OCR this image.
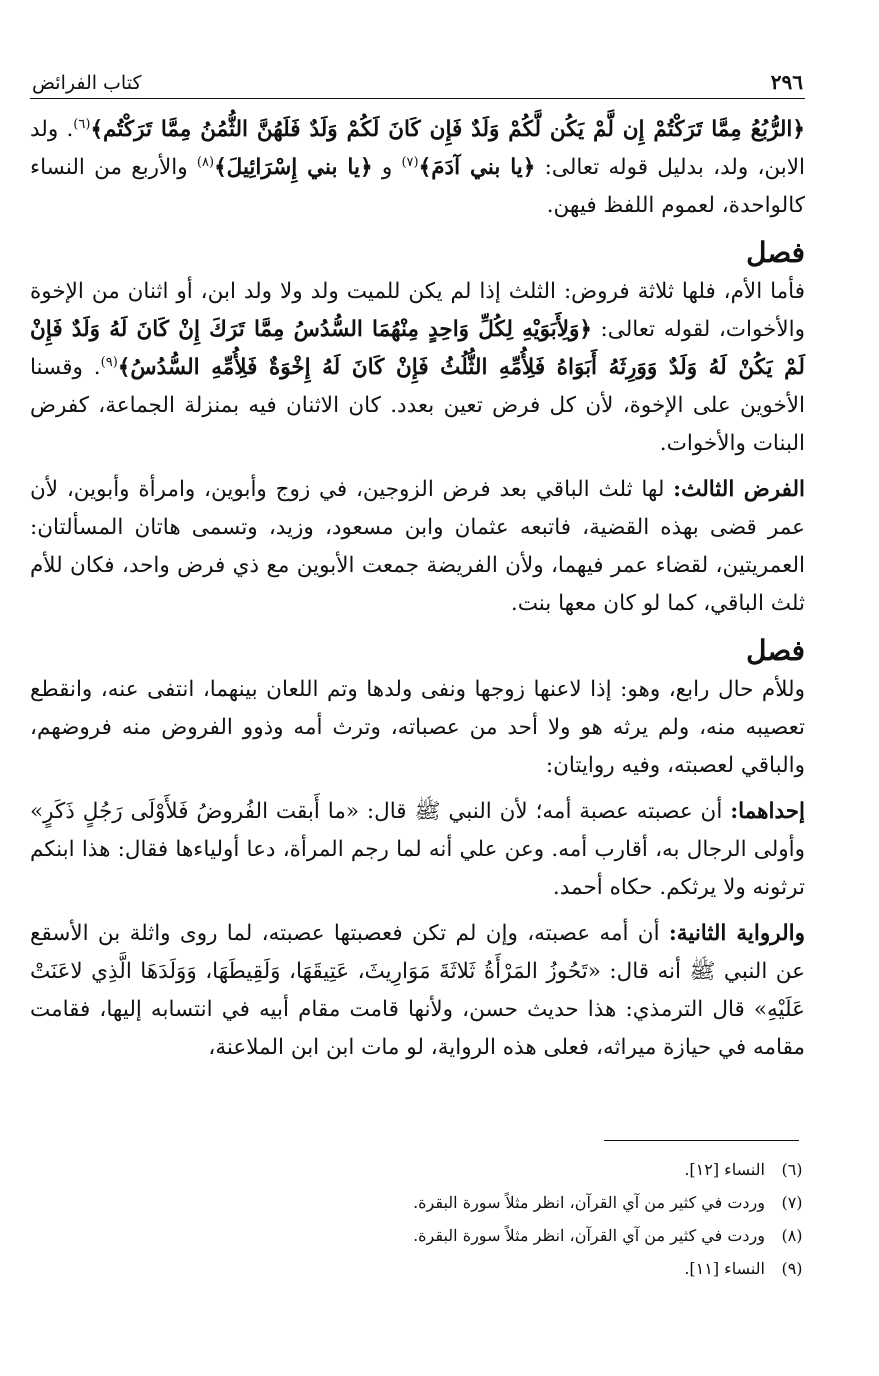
٢٩٦
كتاب الفرائض

﴿الرُّبُعُ مِمَّا تَرَكْتُمْ إِن لَّمْ يَكُن لَّكُمْ وَلَدٌ فَإِن كَانَ لَكُمْ وَلَدٌ فَلَهُنَّ الثُّمُنُ مِمَّا تَرَكْتُم﴾$^{(٦)}$. ولد الابن، ولد، بدليل قوله تعالى: ﴿يا بني آدَمَ﴾$^{(٧)}$ و ﴿يا بني إِسْرَائِيلَ﴾$^{(٨)}$ والأربع من النساء كالواحدة، لعموم اللفظ فيهن.

فصل

فأما الأم، فلها ثلاثة فروض: الثلث إذا لم يكن للميت ولد ولا ولد ابن، أو اثنان من الإخوة والأخوات، لقوله تعالى: ﴿وَلِأَبَوَيْهِ لِكُلِّ وَاحِدٍ مِنْهُمَا السُّدُسُ مِمَّا تَرَكَ إِنْ كَانَ لَهُ وَلَدٌ فَإِنْ لَمْ يَكُنْ لَهُ وَلَدٌ وَوَرِثَهُ أَبَوَاهُ فَلِأُمِّهِ الثُّلُثُ فَإِنْ كَانَ لَهُ إِخْوَةٌ فَلِأُمِّهِ السُّدُسُ﴾$^{(٩)}$. وقسنا الأخوين على الإخوة، لأن كل فرض تعين بعدد. كان الاثنان فيه بمنزلة الجماعة، كفرض البنات والأخوات.

الفرض الثالث: لها ثلث الباقي بعد فرض الزوجين، في زوج وأبوين، وامرأة وأبوين، لأن عمر قضى بهذه القضية، فاتبعه عثمان وابن مسعود، وزيد، وتسمى هاتان المسألتان: العمريتين، لقضاء عمر فيهما، ولأن الفريضة جمعت الأبوين مع ذي فرض واحد، فكان للأم ثلث الباقي، كما لو كان معها بنت.

فصل

وللأم حال رابع، وهو: إذا لاعنها زوجها ونفى ولدها وتم اللعان بينهما، انتفى عنه، وانقطع تعصيبه منه، ولم يرثه هو ولا أحد من عصباته، وترث أمه وذوو الفروض منه فروضهم، والباقي لعصبته، وفيه روايتان:

إحداهما: أن عصبته عصبة أمه؛ لأن النبي ﷺ قال: «ما أَبقت الفُروضُ فَلأَوْلَى رَجُلٍ ذَكَرٍ» وأولى الرجال به، أقارب أمه. وعن علي أنه لما رجم المرأة، دعا أولياءها فقال: هذا ابنكم ترثونه ولا يرثكم. حكاه أحمد.

والرواية الثانية: أن أمه عصبته، وإن لم تكن فعصبتها عصبته، لما روى واثلة بن الأسقع عن النبي ﷺ أنه قال: «تَحُوزُ المَرْأَةُ ثَلاثَةَ مَوَارِيثَ، عَتِيقَهَا، وَلَقِيطَهَا، وَوَلَدَهَا الَّذِي لاعَنَتْ عَلَيْهِ» قال الترمذي: هذا حديث حسن، ولأنها قامت مقام أبيه في انتسابه إليها، فقامت مقامه في حيازة ميراثه، فعلى هذه الرواية، لو مات ابن ابن الملاعنة،

(٦)
النساء [١٢].
(٧)
وردت في كثير من آي القرآن، انظر مثلاً سورة البقرة.
(٨)
وردت في كثير من آي القرآن، انظر مثلاً سورة البقرة.
(٩)
النساء [١١].
